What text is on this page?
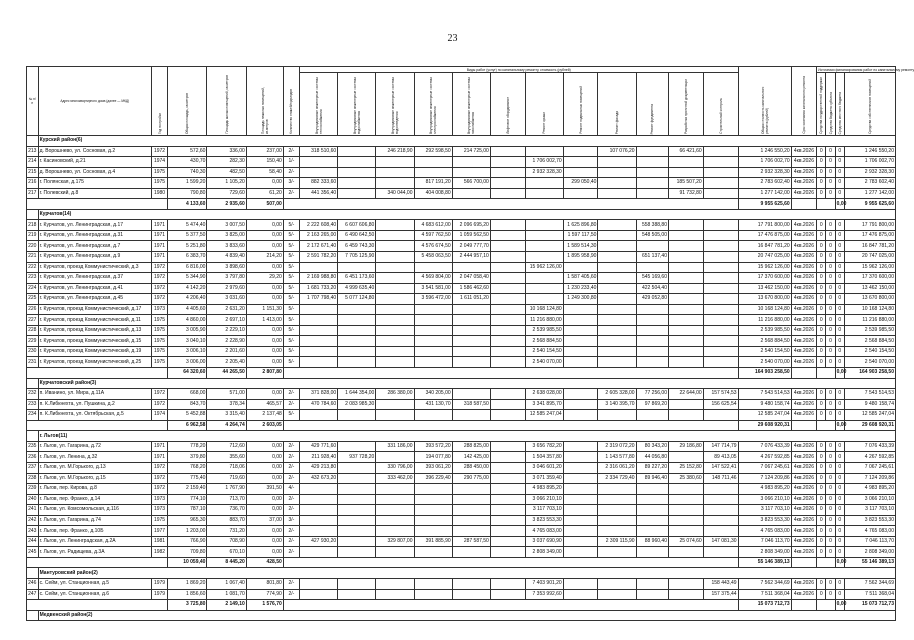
23
№ п/п	Адрес многоквартирного дома (далее — МКД)	Год постройки	Общая площадь, кв.метров	Площадь жилых помещений, кв.метров	Площадь нежилых помещений, кв.метров	Количество этажей/подъездов	Виды работ (услуг) по капитальному ремонту, стоимость (рублей)												Общая стоимость капитального ремонта (рублей)	Срок окончания капитального ремонта	Источники финансирования работ по капитальному ремонту			
							Внутридомовые инженерные системы теплоснабжения	Внутридомовые инженерные системы водоснабжения	Внутридомовые инженерные системы водоотведения	Внутридомовые инженерные системы электроснабжения	Внутридомовые инженерные системы газоснабжения	Лифтовое оборудование	Ремонт крыши	Ремонт подвальных помещений	Ремонт фасада	Ремонт фундамента	Разработка проектной документации	Строительный контроль			Средства государственной поддержки	Средства бюджета субъекта	Средства местного бюджета	Средства собственников помещений
	Курский район(6)																							
213	д. Ворошнево, ул. Сосновая, д.2	1972	572,60	336,00	237,00	2/-	318 510,60		246 218,90	292 598,50	214 725,00				107 076,20		66 421,60		1 246 550,20	4кв.2026	0	0	0	1 246 550,20
214	г. Касиновский, д.21	1974	430,70	282,30	150,40	1/-							1 706 002,70						1 706 002,70	4кв.2026	0	0	0	1 706 002,70
215	д. Ворошнево, ул. Сосновая, д.4	1975	740,30	482,50	58,40	2/-							2 932 328,30						2 932 328,30	4кв.2026	0	0	0	2 932 328,30
216	г. Полянская, д.175	1975	1 599,20	1 105,20	0,00	3/-	882 333,60			817 191,20	566 700,00			299 050,40			185 507,20		2 783 602,40	4кв.2026	0	0	0	2 783 602,40
217	г. Полевский, д.8	1980	790,80	729,60	61,20	2/-	441 356,40		340 044,00	404 008,80							91 732,80		1 277 142,00	4кв.2026	0	0	0	1 277 142,00
			4 133,60	2 935,60	507,00														9 955 625,60				0,00	9 955 625,60
	Курчатов(14)																							
218	г. Курчатов, ул. Ленинградская, д.17	1971	5 474,40	3 007,50	0,00	5/-	2 222 608,40	6 607 606,80		4 683 612,00	2 096 695,20			1 625 896,80		558 388,80			17 791 800,00	4кв.2026	0	0	0	17 791 800,00
219	г. Курчатов, ул. Ленинградская, д.31	1971	5 377,50	3 825,00	0,00	5/-	2 163 265,00	6 490 642,50		4 597 762,50	1 059 562,50			1 597 117,50		548 505,00			17 476 875,00	4кв.2026	0	0	0	17 476 875,00
220	г. Курчатов, ул. Ленинградская, д.7	1971	5 251,80	3 833,60	0,00	5/-	2 172 671,40	6 459 743,30		4 576 674,50	2 049 777,70			1 589 514,30					16 847 781,20	4кв.2026	0	0	0	16 847 781,20
221	г. Курчатов, ул. Ленинградская, д.9	1971	6 383,70	4 839,40	214,20	5/-	2 591 782,20	7 705 125,90		5 458 063,50	2 444 957,10			1 895 958,90		651 137,40			20 747 025,00	4кв.2026	0	0	0	20 747 025,00
222	г. Курчатов, проезд Коммунистический, д.3	1972	6 816,00	3 898,60	0,00	5/-							15 962 126,00						15 962 126,00	4кв.2026	0	0	0	15 962 126,00
223	г. Курчатов, ул. Ленинградская, д.37	1972	5 344,90	3 797,80	29,20	5/-	2 169 988,80	6 451 173,60		4 569 804,00	2 047 058,40			1 587 405,60		545 169,60			17 370 600,00	4кв.2026	0	0	0	17 370 600,00
224	г. Курчатов, ул. Ленинградская, д.41	1972	4 142,20	2 979,60	0,00	5/-	1 681 733,20	4 999 635,40		3 541 581,00	1 586 462,60			1 230 233,40		422 504,40			13 462 150,00	4кв.2026	0	0	0	13 462 150,00
225	г. Курчатов, ул. Ленинградская, д.45	1972	4 206,40	3 031,60	0,00	5/-	1 707 798,40	5 077 124,80		3 596 472,00	1 611 051,20			1 249 300,80		429 052,80			13 670 800,00	4кв.2026	0	0	0	13 670 800,00
226	г. Курчатов, проезд Коммунистический, д.17	1973	4 405,60	2 631,20	1 151,30	5/-							10 168 124,80						10 168 124,80	4кв.2026	0	0	0	10 168 124,80
227	г. Курчатов, проезд Коммунистический, д.11	1975	4 860,00	2 697,10	1 413,00	5/-							11 216 880,00						11 216 880,00	4кв.2026	0	0	0	11 216 880,00
228	г. Курчатов, проезд Коммунистический, д.13	1975	3 005,90	2 229,10	0,00	5/-							2 539 985,50						2 539 985,50	4кв.2026	0	0	0	2 539 985,50
229	г. Курчатов, проезд Коммунистический, д.15	1975	3 040,10	2 228,90	0,00	5/-							2 568 884,50						2 568 884,50	4кв.2026	0	0	0	2 568 884,50
230	г. Курчатов, проезд Коммунистический, д.19	1975	3 006,10	2 201,60	0,00	5/-							2 540 154,50						2 540 154,50	4кв.2026	0	0	0	2 540 154,50
231	г. Курчатов, проезд Коммунистический, д.25	1975	3 006,00	2 205,40	0,00	5/-							2 540 070,00						2 540 070,00	4кв.2026	0	0	0	2 540 070,00
			64 320,60	44 265,50	2 807,80														164 903 258,50				0,00	164 903 258,50
	Курчатовский район(3)																							
232	п. Иванино, ул. Мира, д.11А	1972	668,00	571,00	0,00	2/-	371 828,00	1 644 354,00	286 380,00	340 205,00			2 638 028,00		2 605 328,00	77 256,00	22 644,00	157 574,53	7 543 514,53	4кв.2026	0	0	0	7 543 514,53
233	п. К.Либкнехта, ул. Пушкина, д.2	1972	843,70	378,34	465,57	2/-	470 784,60	2 083 985,30		431 130,70	318 587,50		3 341 895,70		3 140 395,70	97 869,20		156 625,54	9 480 158,74	4кв.2026	0	0	0	9 480 158,74
234	п. К.Либкнехта, ул. Октябрьская, д.5	1974	5 452,88	3 315,40	2 137,48	5/-							12 585 247,04						12 585 247,04	4кв.2026	0	0	0	12 585 247,04
			6 962,58	4 264,74	2 603,05														29 608 920,31				0,00	29 608 920,31
	г. Льгов(11)																							
235	г. Льгов, ул. Гагарина, д.72	1971	778,20	712,60	0,00	2/-	429 771,60		331 186,00	393 572,20	288 825,00		3 656 782,20		2 319 072,20	80 343,20	29 186,80	147 714,79	7 076 433,39	4кв.2026	0	0	0	7 076 433,39
236	г. Льгов, ул. Ленина, д.32	1971	379,80	355,60	0,00	2/-	211 928,40	937 728,20		194 077,80	142 425,00		1 504 357,80		1 143 577,80	44 056,80		89 413,05	4 267 592,85	4кв.2026	0	0	0	4 267 592,85
237	г. Льгов, ул. М.Горького, д.13	1972	768,20	718,06	0,00	2/-	429 213,80		330 796,00	393 061,20	288 450,00		3 046 601,20		2 316 061,20	89 227,20	25 152,80	147 522,41	7 067 245,61	4кв.2026	0	0	0	7 067 245,61
238	г. Льгов, ул. М.Горького, д.15	1972	775,40	719,60	0,00	2/-	432 673,20		333 462,00	396 229,40	290 775,00		3 071 359,40		2 334 729,40	89 946,40	25 380,60	148 711,46	7 124 209,86	4кв.2026	0	0	0	7 124 209,86
239	г. Льгов, пер. Кирова, д.8	1972	2 159,40	1 767,90	391,50	4/-							4 983 895,20						4 983 895,20	4кв.2026	0	0	0	4 983 895,20
240	г. Льгов, пер. Франко, д.14	1973	774,10	713,70	0,00	2/-							3 066 210,10						3 066 210,10	4кв.2026	0	0	0	3 066 210,10
241	г. Льгов, ул. Комсомольская, д.116	1973	787,10	736,70	0,00	2/-							3 117 703,10						3 117 703,10	4кв.2026	0	0	0	3 117 703,10
242	г. Льгов, ул. Гагарина, д.74	1975	965,30	883,70	37,00	3/-							3 823 553,30						3 823 553,30	4кв.2026	0	0	0	3 823 553,30
243	г. Льгов, пер. Франко, д.10Б	1977	1 203,00	731,20	0,00	2/-							4 765 083,00						4 765 083,00	4кв.2026	0	0	0	4 765 083,00
244	г. Льгов, ул. Ленинградская, д.2А	1981	766,90	708,90	0,00	2/-	427 930,20		329 807,00	391 885,90	287 587,50		3 037 690,90		2 309 115,90	88 960,40	25 074,60	147 081,30	7 046 113,70	4кв.2026	0	0	0	7 046 113,70
245	г. Льгов, ул. Радищева, д.3А	1982	709,80	670,10	0,00	2/-							2 808 349,00						2 808 349,00	4кв.2026	0	0	0	2 808 349,00
			10 059,40	8 445,20	428,50														55 146 389,13				0,00	55 146 389,13
	Мантуровский район(2)																							
246	с. Сейм, ул. Станционная, д.5	1979	1 869,20	1 067,40	801,80	2/-							7 403 901,20					158 443,49	7 562 344,69	4кв.2026	0	0	0	7 562 344,69
247	с. Сейм, ул. Станционная, д.6	1979	1 856,60	1 081,70	774,90	2/-							7 353 992,60					157 375,44	7 511 368,04	4кв.2026	0	0	0	7 511 368,04
			3 725,80	2 149,10	1 576,70														15 073 712,73				0,00	15 073 712,73
	Медвенский район(2)																							
